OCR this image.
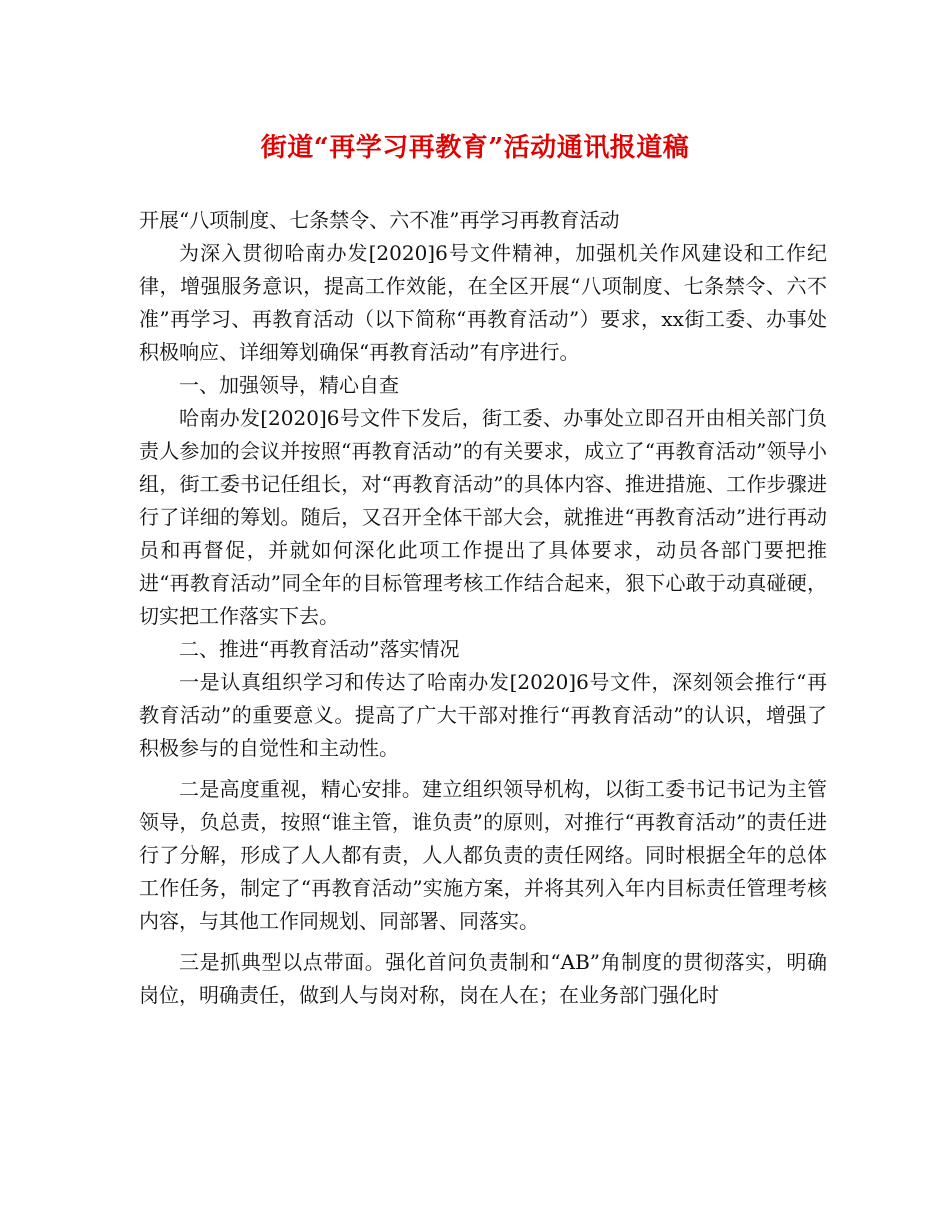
街道“再学习再教育”活动通讯报道稿

开展“八项制度、七条禁令、六不准”再学习再教育活动

为深入贯彻哈南办发[2020]6号文件精神，加强机关作风建设和工作纪律，增强服务意识，提高工作效能，在全区开展“八项制度、七条禁令、六不准”再学习、再教育活动（以下简称“再教育活动”）要求，xx街工委、办事处积极响应、详细筹划确保“再教育活动”有序进行。

一、加强领导，精心自查

哈南办发[2020]6号文件下发后，街工委、办事处立即召开由相关部门负责人参加的会议并按照“再教育活动”的有关要求，成立了“再教育活动”领导小组，街工委书记任组长，对“再教育活动”的具体内容、推进措施、工作步骤进行了详细的筹划。随后，又召开全体干部大会，就推进“再教育活动”进行再动员和再督促，并就如何深化此项工作提出了具体要求，动员各部门要把推进“再教育活动”同全年的目标管理考核工作结合起来，狠下心敢于动真碰硬，切实把工作落实下去。

二、推进“再教育活动”落实情况

一是认真组织学习和传达了哈南办发[2020]6号文件，深刻领会推行“再教育活动”的重要意义。提高了广大干部对推行“再教育活动”的认识，增强了积极参与的自觉性和主动性。

二是高度重视，精心安排。建立组织领导机构，以街工委书记书记为主管领导，负总责，按照“谁主管，谁负责”的原则，对推行“再教育活动”的责任进行了分解，形成了人人都有责，人人都负责的责任网络。同时根据全年的总体工作任务，制定了“再教育活动”实施方案，并将其列入年内目标责任管理考核内容，与其他工作同规划、同部署、同落实。

三是抓典型以点带面。强化首问负责制和“AB”角制度的贯彻落实，明确岗位，明确责任，做到人与岗对称，岗在人在；在业务部门强化时
